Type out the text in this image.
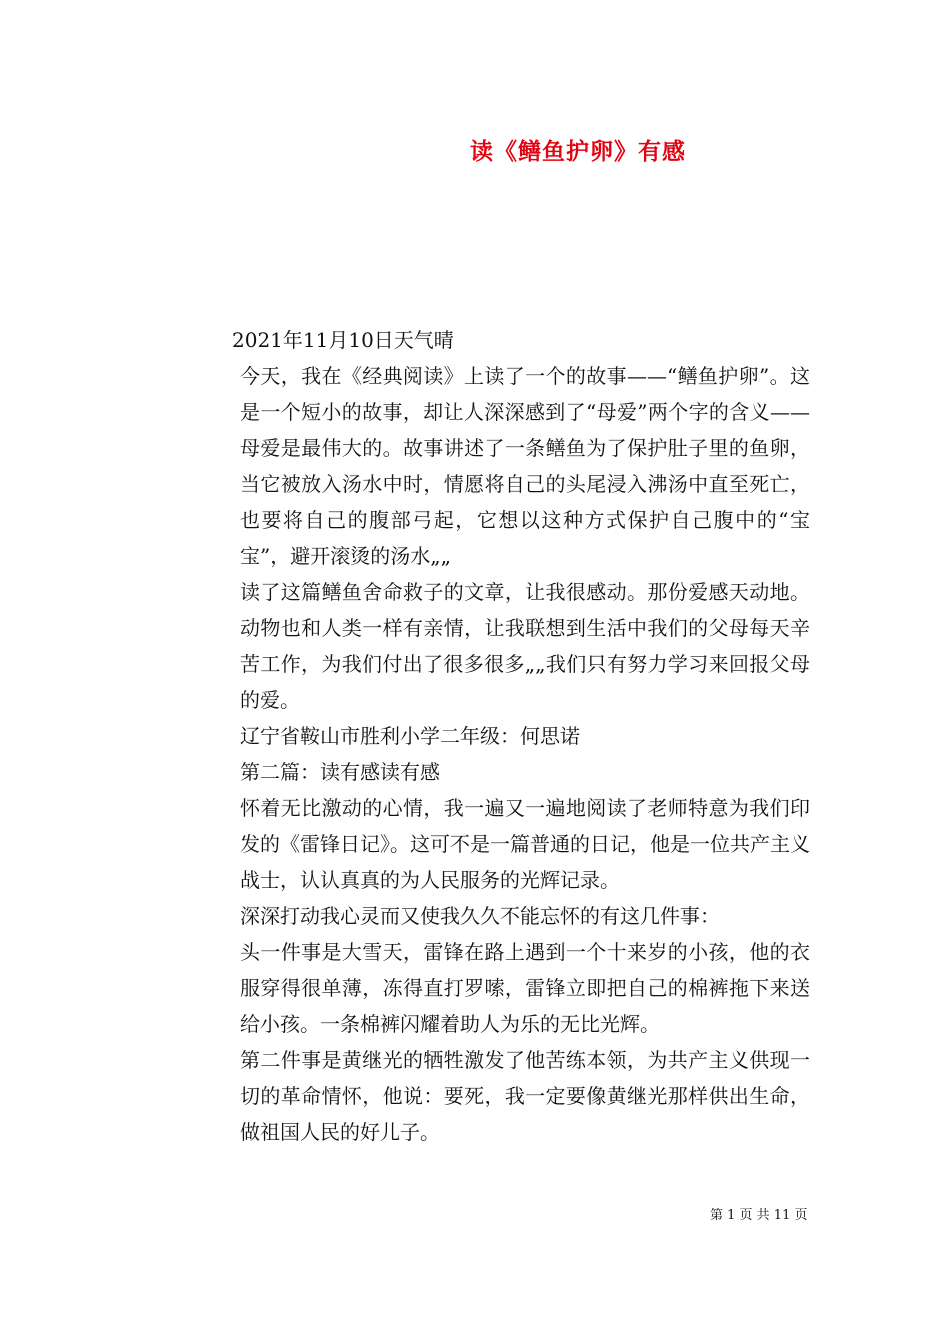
读《鳝鱼护卵》有感

2021年11月10日天气晴

今天，我在《经典阅读》上读了一个的故事——“鳝鱼护卵”。这是一个短小的故事，却让人深深感到了“母爱”两个字的含义——母爱是最伟大的。故事讲述了一条鳝鱼为了保护肚子里的鱼卵，当它被放入汤水中时，情愿将自己的头尾浸入沸汤中直至死亡，也要将自己的腹部弓起，它想以这种方式保护自己腹中的“宝宝”，避开滚烫的汤水„„

读了这篇鳝鱼舍命救子的文章，让我很感动。那份爱感天动地。动物也和人类一样有亲情，让我联想到生活中我们的父母每天辛苦工作，为我们付出了很多很多„„我们只有努力学习来回报父母的爱。

辽宁省鞍山市胜利小学二年级：何思诺

第二篇：读有感读有感

怀着无比激动的心情，我一遍又一遍地阅读了老师特意为我们印发的《雷锋日记》。这可不是一篇普通的日记，他是一位共产主义战士，认认真真的为人民服务的光辉记录。

深深打动我心灵而又使我久久不能忘怀的有这几件事：

头一件事是大雪天，雷锋在路上遇到一个十来岁的小孩，他的衣服穿得很单薄，冻得直打罗嗦，雷锋立即把自己的棉裤拖下来送给小孩。一条棉裤闪耀着助人为乐的无比光辉。

第二件事是黄继光的牺牲激发了他苦练本领，为共产主义供现一切的革命情怀，他说：要死，我一定要像黄继光那样供出生命，做祖国人民的好儿子。

第 1 页 共 11 页
